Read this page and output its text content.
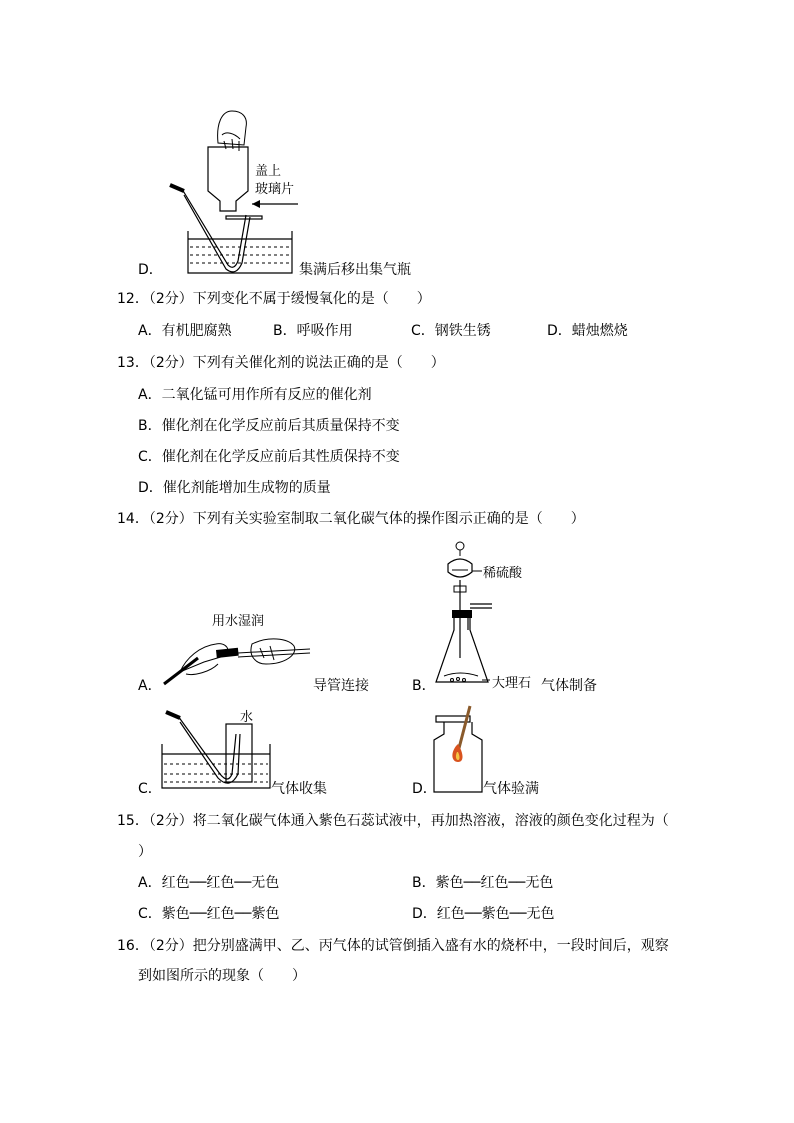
D．
盖上
玻璃片
集满后移出集气瓶
12．（2分）下列变化不属于缓慢氧化的是（　　）
A．有机肥腐熟	B．呼吸作用	C．钢铁生锈	D．蜡烛燃烧
13．（2分）下列有关催化剂的说法正确的是（　　）
A．二氧化锰可用作所有反应的催化剂
B．催化剂在化学反应前后其质量保持不变
C．催化剂在化学反应前后其性质保持不变
D．催化剂能增加生成物的质量
14．（2分）下列有关实验室制取二氧化碳气体的操作图示正确的是（　　）
用水湿润
A．	导管连接
稀硫酸
B．	大理石 气体制备
水
C．	气体收集	D．	气体验满
15．（2分）将二氧化碳气体通入紫色石蕊试液中，再加热溶液，溶液的颜色变化过程为（
）
A．红色──红色──无色	B．紫色──红色──无色
C．紫色──红色──紫色	D．红色──紫色──无色
16．（2分）把分别盛满甲、乙、丙气体的试管倒插入盛有水的烧杯中，一段时间后，观察
到如图所示的现象（　　）
